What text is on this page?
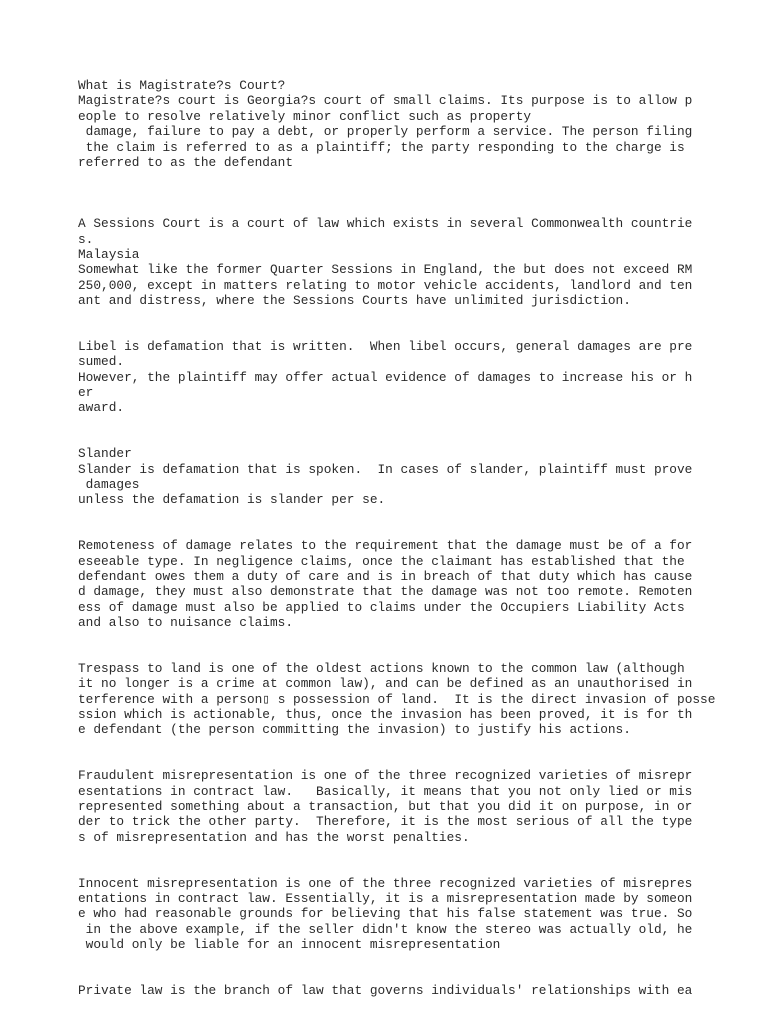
What is Magistrate?s Court?

Magistrate?s court is Georgia?s court of small claims. Its purpose is to allow p

eople to resolve relatively minor conflict such as property

damage, failure to pay a debt, or properly perform a service. The person filing

the claim is referred to as a plaintiff; the party responding to the charge is

referred to as the defendant

A Sessions Court is a court of law which exists in several Commonwealth countrie

s.

Malaysia

Somewhat like the former Quarter Sessions in England, the but does not exceed RM

250,000, except in matters relating to motor vehicle accidents, landlord and ten

ant and distress, where the Sessions Courts have unlimited jurisdiction.

Libel is defamation that is written.  When libel occurs, general damages are pre

sumed.

However, the plaintiff may offer actual evidence of damages to increase his or h

er

award.

Slander

Slander is defamation that is spoken.  In cases of slander, plaintiff must prove

damages

unless the defamation is slander per se.

Remoteness of damage relates to the requirement that the damage must be of a for

eseeable type. In negligence claims, once the claimant has established that the

defendant owes them a duty of care and is in breach of that duty which has cause

d damage, they must also demonstrate that the damage was not too remote. Remoten

ess of damage must also be applied to claims under the Occupiers Liability Acts

and also to nuisance claims.

Trespass to land is one of the oldest actions known to the common law (although

it no longer is a crime at common law), and can be defined as an unauthorised in

terference with a person▯ s possession of land.  It is the direct invasion of posse

ssion which is actionable, thus, once the invasion has been proved, it is for th

e defendant (the person committing the invasion) to justify his actions.

Fraudulent misrepresentation is one of the three recognized varieties of misrepr

esentations in contract law.   Basically, it means that you not only lied or mis

represented something about a transaction, but that you did it on purpose, in or

der to trick the other party.  Therefore, it is the most serious of all the type

s of misrepresentation and has the worst penalties.

Innocent misrepresentation is one of the three recognized varieties of misrepres

entations in contract law. Essentially, it is a misrepresentation made by someon

e who had reasonable grounds for believing that his false statement was true. So

in the above example, if the seller didn't know the stereo was actually old, he

would only be liable for an innocent misrepresentation

Private law is the branch of law that governs individuals' relationships with ea
